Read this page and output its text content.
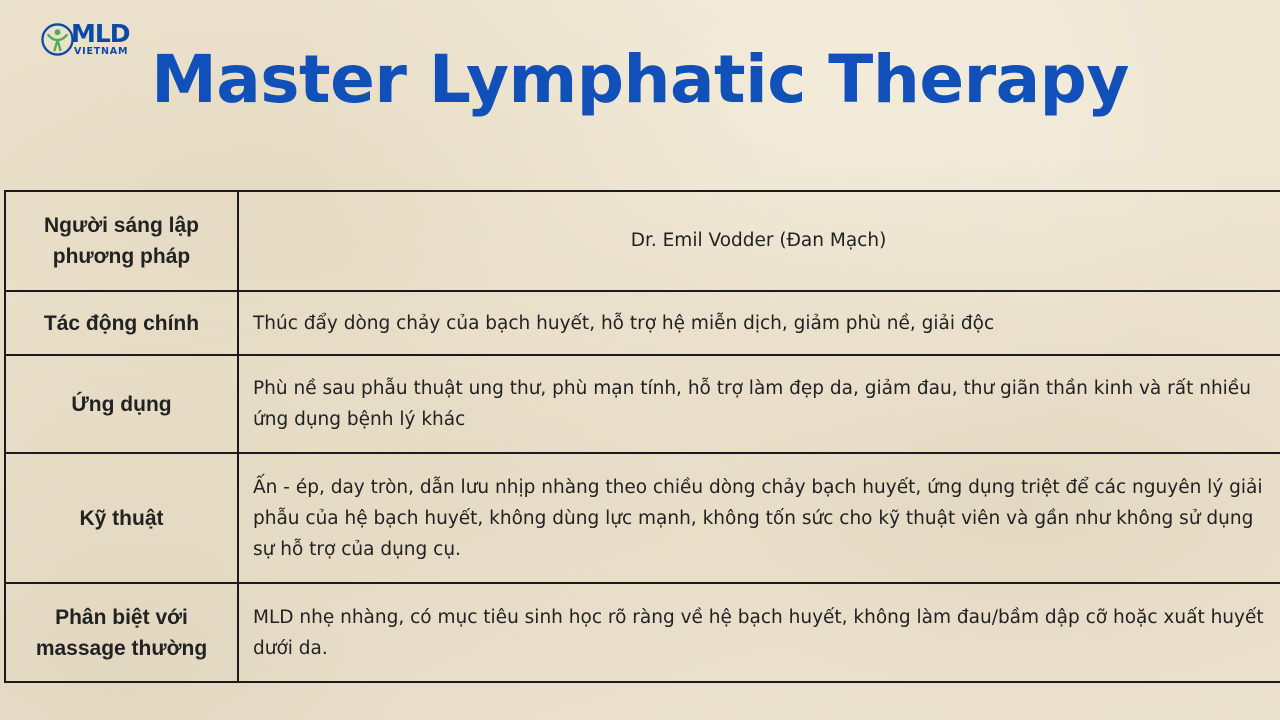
MLD
VIETNAM Master Lymphatic Therapy
Người sáng lập phương pháp	Dr. Emil Vodder (Đan Mạch)
Tác động chính	Thúc đẩy dòng chảy của bạch huyết, hỗ trợ hệ miễn dịch, giảm phù nề, giải độc
Ứng dụng	Phù nề sau phẫu thuật ung thư, phù mạn tính, hỗ trợ làm đẹp da, giảm đau, thư giãn thần kinh và rất nhiều ứng dụng bệnh lý khác
Kỹ thuật	Ấn - ép, day tròn, dẫn lưu nhịp nhàng theo chiều dòng chảy bạch huyết, ứng dụng triệt để các nguyên lý giải phẫu của hệ bạch huyết, không dùng lực mạnh, không tốn sức cho kỹ thuật viên và gần như không sử dụng sự hỗ trợ của dụng cụ.
Phân biệt với massage thường	MLD nhẹ nhàng, có mục tiêu sinh học rõ ràng về hệ bạch huyết, không làm đau/bầm dập cỡ hoặc xuất huyết dưới da.
